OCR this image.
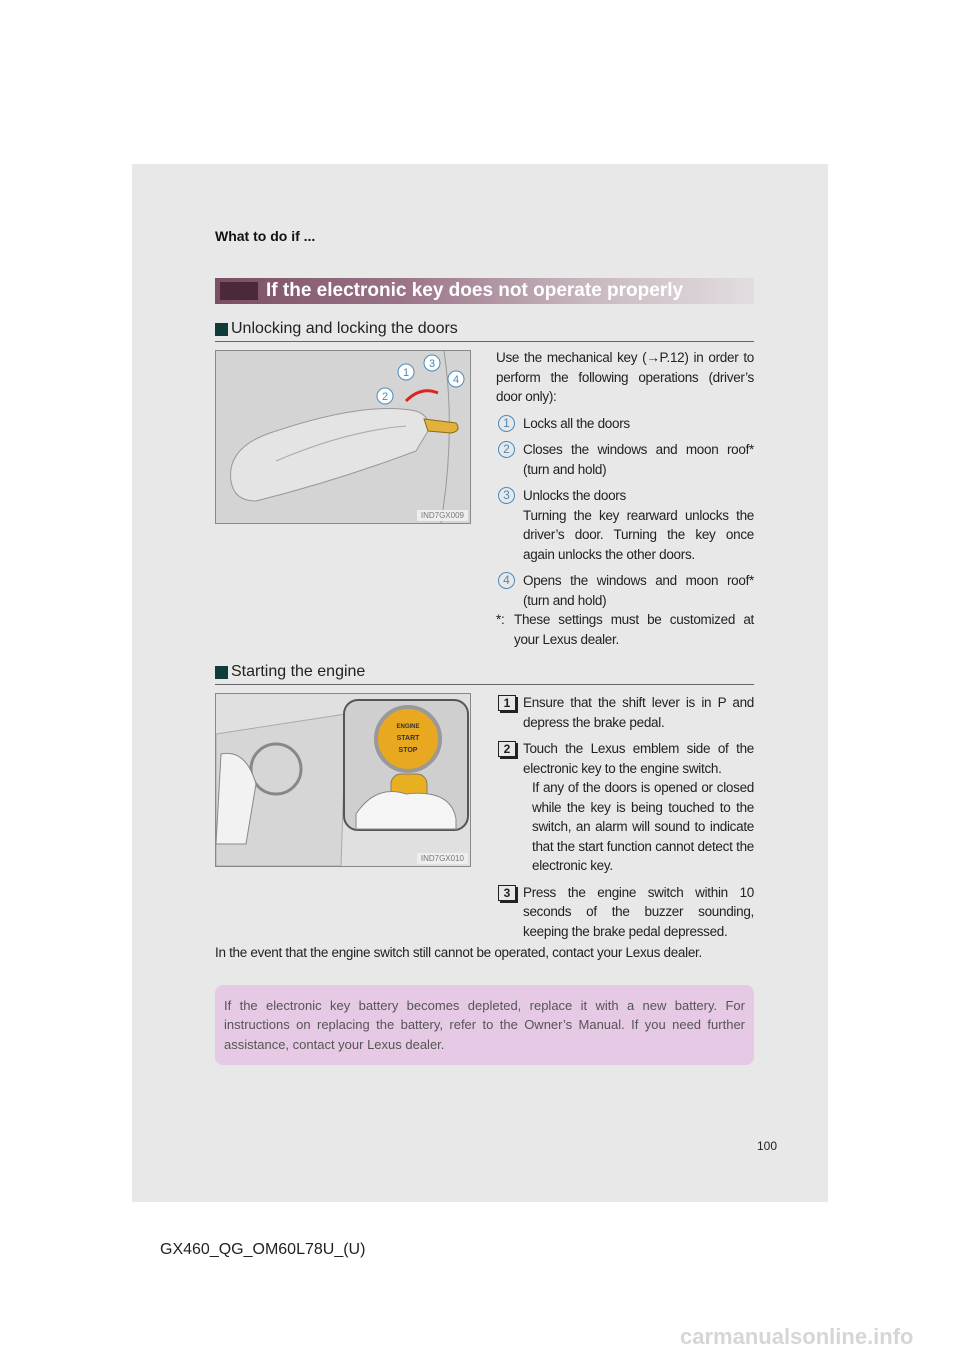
What to do if ...
If the electronic key does not operate properly
Unlocking and locking the doors
1
2
3
4
IND7GX009
Use the mechanical key (→P.12) in order to perform the following operations (driver’s door only):
1 Locks all the doors
2 Closes the windows and moon roof* (turn and hold)
3 Unlocks the doors
Turning the key rearward unlocks the driver’s door. Turning the key once again unlocks the other doors.
4 Opens the windows and moon roof* (turn and hold)
*: These settings must be customized at your Lexus dealer.
Starting the engine
ENGINE
START
STOP
IND7GX010
1 Ensure that the shift lever is in P and depress the brake pedal.
2 Touch the Lexus emblem side of the electronic key to the engine switch.
If any of the doors is opened or closed while the key is being touched to the switch, an alarm will sound to indicate that the start function cannot detect the electronic key.
3 Press the engine switch within 10 seconds of the buzzer sounding, keeping the brake pedal depressed.
In the event that the engine switch still cannot be operated, contact your Lexus dealer.
If the electronic key battery becomes depleted, replace it with a new battery. For instructions on replacing the battery, refer to the Owner’s Manual. If you need further assistance, contact your Lexus dealer.
100
GX460_QG_OM60L78U_(U)
carmanualsonline.info
